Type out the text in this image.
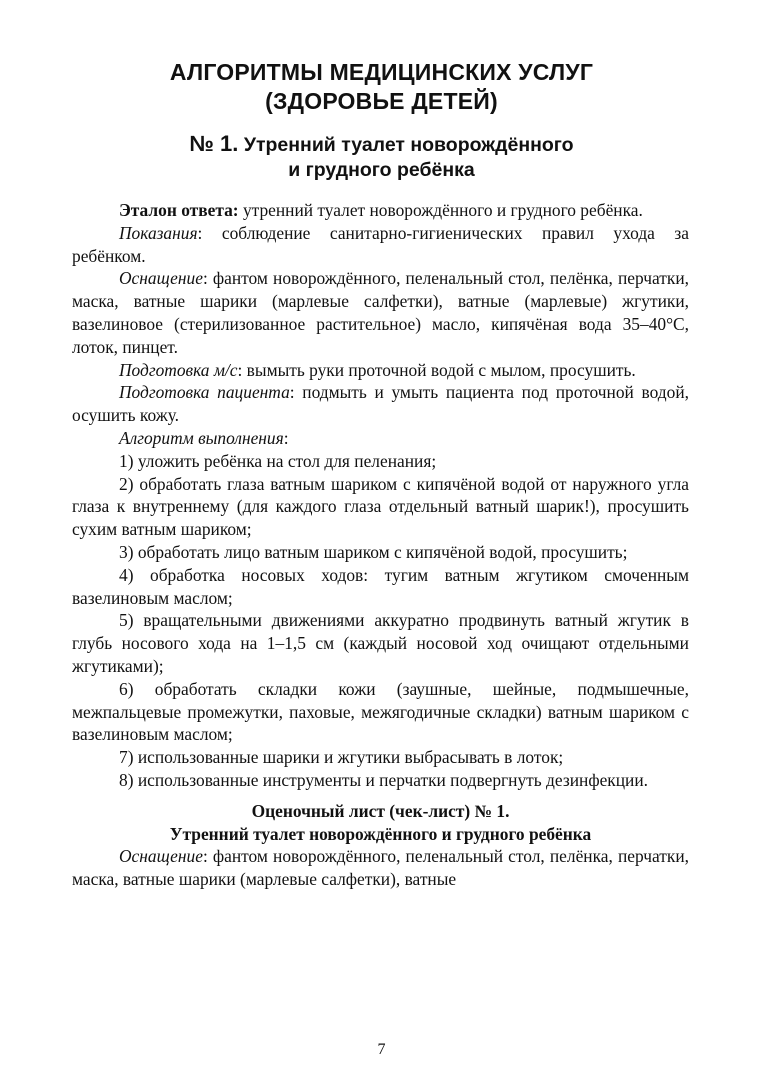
АЛГОРИТМЫ МЕДИЦИНСКИХ УСЛУГ
(ЗДОРОВЬЕ ДЕТЕЙ)
№ 1. Утренний туалет новорождённого
и грудного ребёнка

Эталон ответа: утренний туалет новорождённого и грудного ребёнка.

Показания: соблюдение санитарно-гигиенических правил ухода за ребёнком.

Оснащение: фантом новорождённого, пеленальный стол, пелёнка, перчатки, маска, ватные шарики (марлевые салфетки), ватные (марлевые) жгутики, вазелиновое (стерилизованное растительное) масло, кипячёная вода 35–40°C, лоток, пинцет.

Подготовка м/с: вымыть руки проточной водой с мылом, просушить.

Подготовка пациента: подмыть и умыть пациента под проточной водой, осушить кожу.

Алгоритм выполнения:

1) уложить ребёнка на стол для пеленания;

2) обработать глаза ватным шариком с кипячёной водой от наружного угла глаза к внутреннему (для каждого глаза отдельный ватный шарик!), просушить сухим ватным шариком;

3) обработать лицо ватным шариком с кипячёной водой, просушить;

4) обработка носовых ходов: тугим ватным жгутиком смоченным вазелиновым маслом;

5) вращательными движениями аккуратно продвинуть ватный жгутик в глубь носового хода на 1–1,5 см (каждый носовой ход очищают отдельными жгутиками);

6) обработать складки кожи (заушные, шейные, подмышечные, межпальцевые промежутки, паховые, межягодичные складки) ватным шариком с вазелиновым маслом;

7) использованные шарики и жгутики выбрасывать в лоток;

8) использованные инструменты и перчатки подвергнуть дезинфекции.

Оценочный лист (чек-лист) № 1.

Утренний туалет новорождённого и грудного ребёнка

Оснащение: фантом новорождённого, пеленальный стол, пелёнка, перчатки, маска, ватные шарики (марлевые салфетки), ватные

7
